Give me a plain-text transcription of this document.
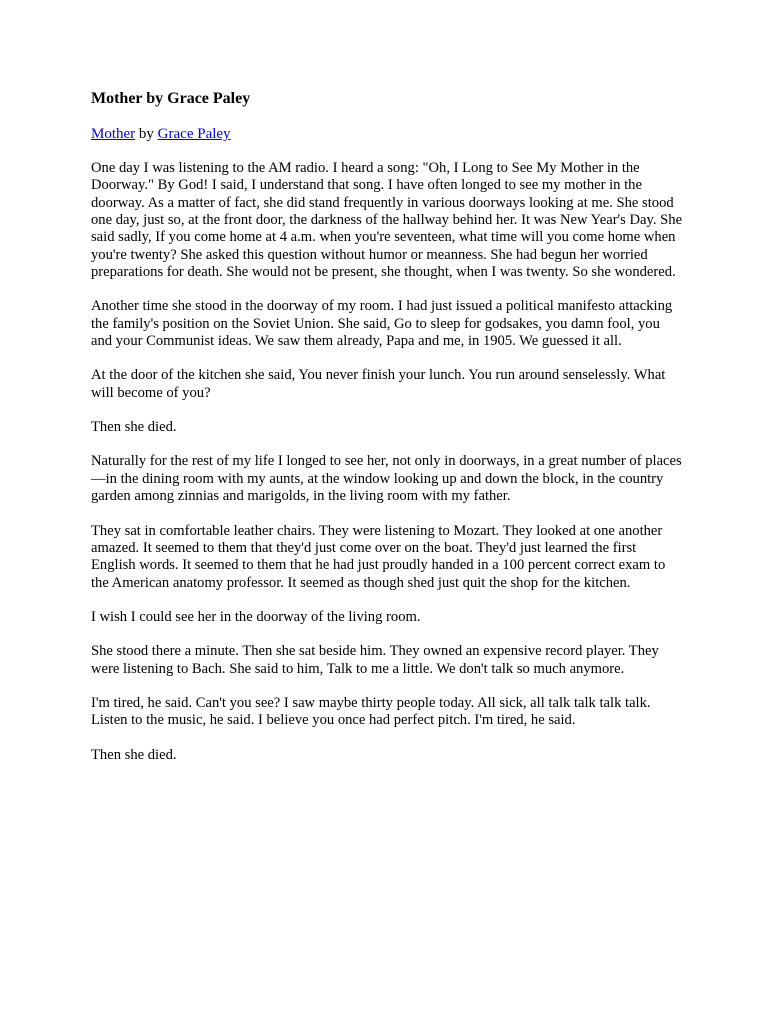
Mother by Grace Paley
Mother by Grace Paley

One day I was listening to the AM radio. I heard a song: "Oh, I Long to See My Mother in the Doorway." By God! I said, I understand that song. I have often longed to see my mother in the doorway. As a matter of fact, she did stand frequently in various doorways looking at me. She stood one day, just so, at the front door, the darkness of the hallway behind her. It was New Year's Day. She said sadly, If you come home at 4 a.m. when you're seventeen, what time will you come home when you're twenty? She asked this question without humor or meanness. She had begun her worried preparations for death. She would not be present, she thought, when I was twenty. So she wondered.

Another time she stood in the doorway of my room. I had just issued a political manifesto attacking the family's position on the Soviet Union. She said, Go to sleep for godsakes, you damn fool, you and your Communist ideas. We saw them already, Papa and me, in 1905. We guessed it all.

At the door of the kitchen she said, You never finish your lunch. You run around senselessly. What will become of you?

Then she died.

Naturally for the rest of my life I longed to see her, not only in doorways, in a great number of places—in the dining room with my aunts, at the window looking up and down the block, in the country garden among zinnias and marigolds, in the living room with my father.

They sat in comfortable leather chairs. They were listening to Mozart. They looked at one another amazed. It seemed to them that they'd just come over on the boat. They'd just learned the first English words. It seemed to them that he had just proudly handed in a 100 percent correct exam to the American anatomy professor. It seemed as though shed just quit the shop for the kitchen.

I wish I could see her in the doorway of the living room.

She stood there a minute. Then she sat beside him. They owned an expensive record player. They were listening to Bach. She said to him, Talk to me a little. We don't talk so much anymore.

I'm tired, he said. Can't you see? I saw maybe thirty people today. All sick, all talk talk talk talk. Listen to the music, he said. I believe you once had perfect pitch. I'm tired, he said.

Then she died.
